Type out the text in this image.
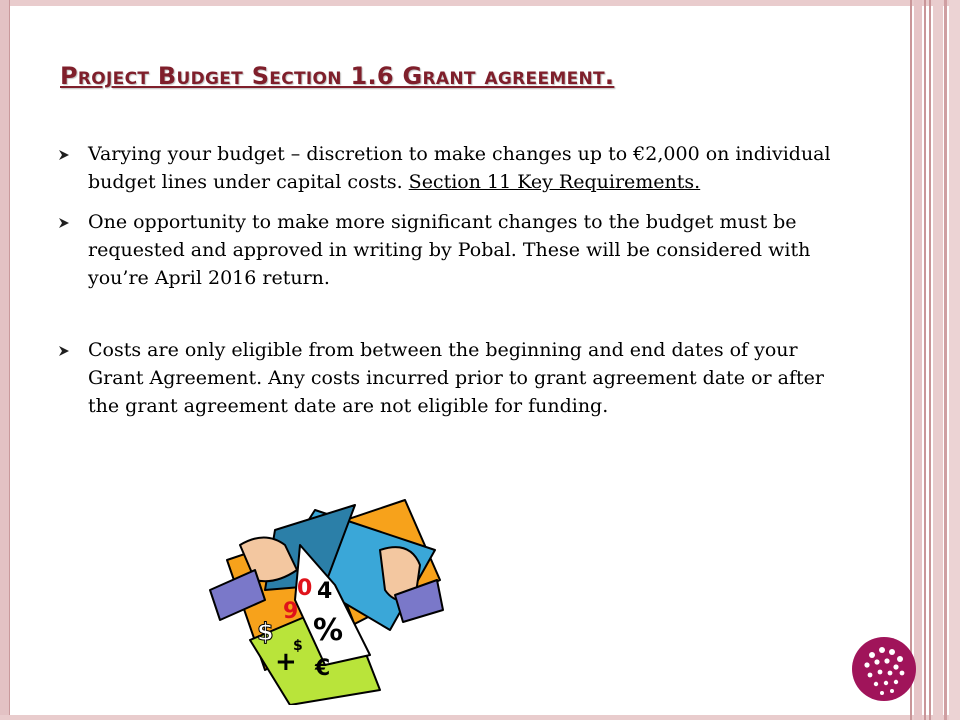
Project Budget Section 1.6 Grant agreement.
Varying your budget – discretion to make changes up to €2,000 on individual budget lines under capital costs. Section 11 Key Requirements.
One opportunity to make more significant changes to the budget must be requested and approved in writing by Pobal. These will be considered with you’re April 2016 return.
Costs are only eligible from between the beginning and end dates of your Grant Agreement. Any costs incurred prior to grant agreement date or after the grant agreement date are not eligible for funding.
4
9
%
$ $
+ €
0
